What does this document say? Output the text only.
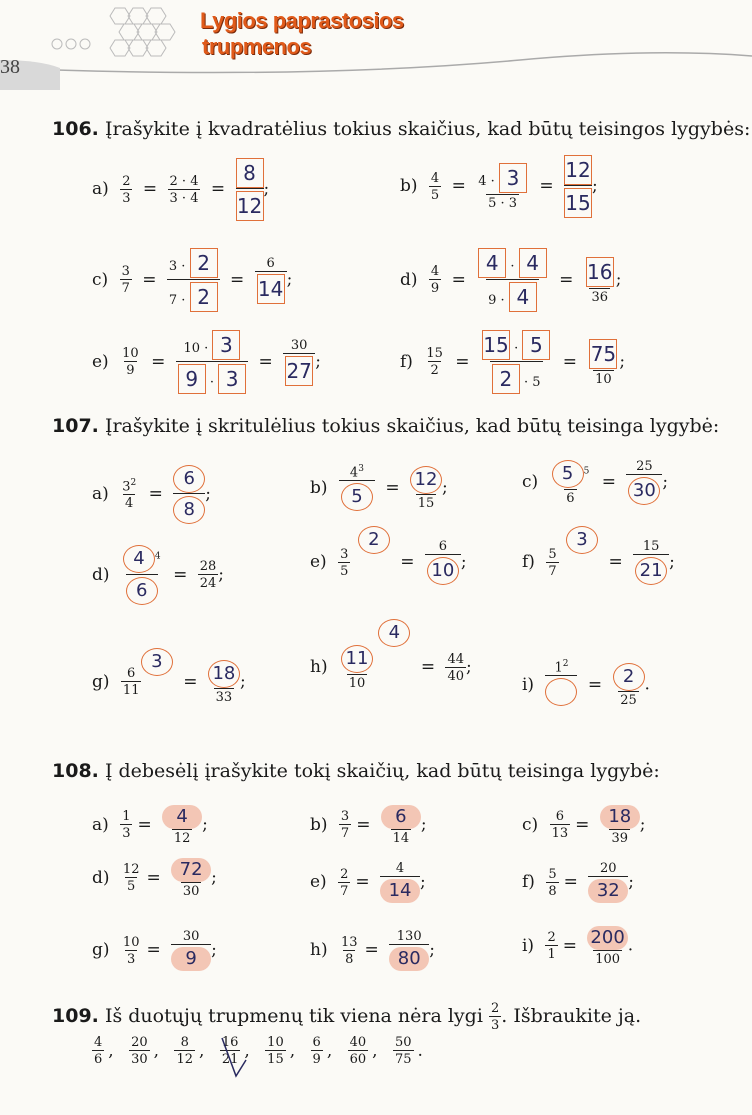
38
Lygios paprastosios
trupmenos
106. Įrašykite į kvadratėlius tokius skaičius, kad būtų teisingos lygybės:
$a) \frac{2}{3} = \frac{2 \cdot 4}{3 \cdot 4} = \frac{8}{12}$ ;	$b) \frac{4}{5} = \frac{4 \cdot 3}{5 \cdot 3} = \frac{12}{15}$ ;
$c) \frac{3}{7} = \frac{3 \cdot 2}{7 \cdot 2} = \frac{6}{14}$ ;	$d) \frac{4}{9} = \frac{4 \cdot 4}{9 \cdot 4} = \frac{16}{36}$ ;
$e) \frac{10}{9} = \frac{10 \cdot 3}{9 \cdot 3} = \frac{30}{27}$ ;	$f) \frac{15}{2} = \frac{15 \cdot 5}{2 \cdot 5} = \frac{75}{10}$ ;
107. Įrašykite į skritulėlius tokius skaičius, kad būtų teisinga lygybė:
$a) \frac{3^2}{4} = \frac{6}{8}$ ;	$b) \frac{4^3}{5} = 12$
15
;	$c) \frac{5 ^5}{6} = \frac{25}{30}$ ;
d)
4 $^4$
6
= $\frac{28}{24}$ ;
$e) \frac{3}{5}$
$2 = \frac{6}{10}$ ;	$f) \frac{5}{7}$
$3 = \frac{15}{21}$ ;
$g) \frac{6}{11}$
3 = 18
33
;
$h) \frac{11}{10}$
$4 = \frac{44}{40}$ ;
i)
$1^2$
=	2
25
.
108. Į debesėlį įrašykite tokį skaičių, kad būtų teisinga lygybė:
$a) \frac{1}{3}$ =	4
12
;	$b) \frac{3}{7}$ =	6
14
;	$c) \frac{6}{13}$ =	18
39
;
$d) \frac{12}{5}$ =	72
30
;	$e) \frac{2}{7}$ =
4
14 ;	$f) \frac{5}{8}$ =
20
32 ;
$g) \frac{10}{3}$ =
30
9 ;	$h) \frac{13}{8}$ =
130
80 ;	$i) \frac{2}{1} = 200$
100
.
109. Iš duotųjų trupmenų tik viena nėra lygi $\frac{2}{3}$ . Išbraukite ją.
$\frac{4}{6}$ , $\frac{20}{30}$ , $\frac{8}{12}$ , $\frac{16}{21}$ , $\frac{10}{15}$ , $\frac{6}{9}$ , $\frac{40}{60}$ , $\frac{50}{75}$ .
